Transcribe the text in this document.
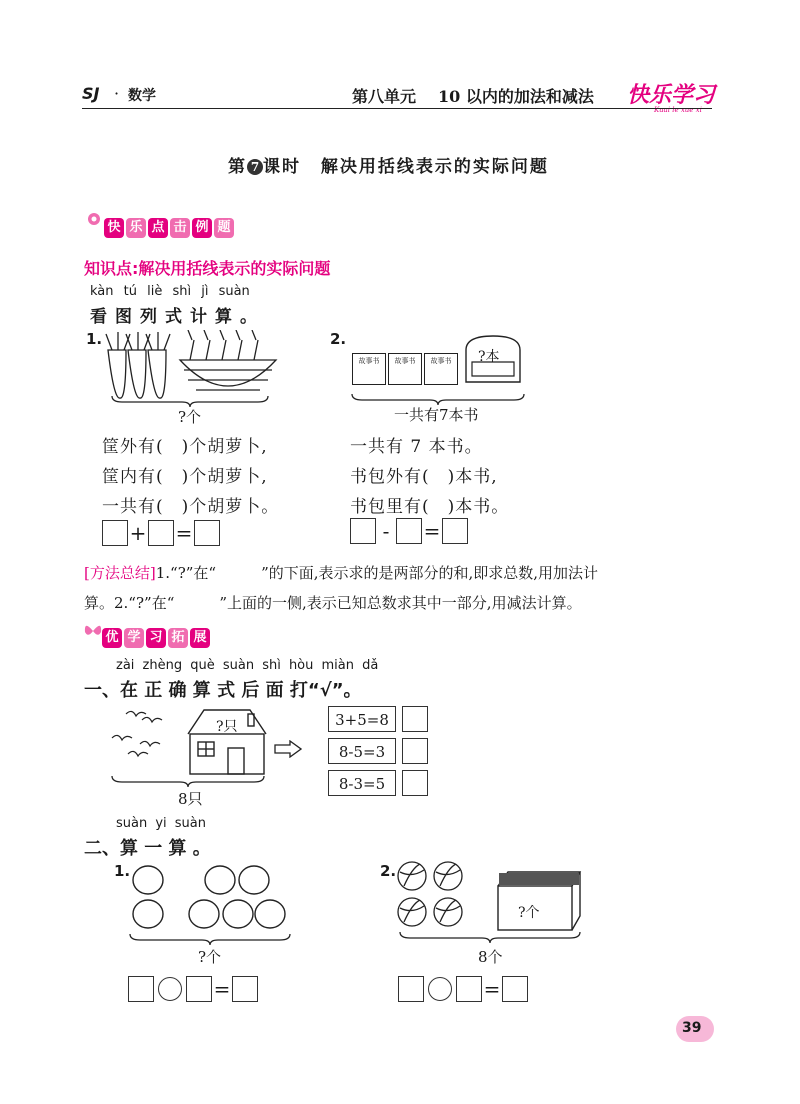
SJ · 数学	第八单元 10 以内的加法和减法 快乐学习
Kuai le xue xi
第 7 课时 解决用括线表示的实际问题
快 乐 点 击 例 题
知识点:解决用括线表示的实际问题
kàn tú liè shì jì suàn
看图列式计算。
1.
?个
筐外有(　)个胡萝卜,
筐内有(　)个胡萝卜,
一共有(　)个胡萝卜。
+ =
2.
故事书 故事书 故事书	?本
一共有7本书
一共有 7 本书。
书包外有(　)本书,
书包里有(　)本书。
- =
[方法总结]1.“?”在“　　　”的下面,表示求的是两部分的和,即求总数,用加法计
算。2.“?”在“　　　”上面的一侧,表示已知总数求其中一部分,用减法计算。
优 学 习 拓 展
zài zhèng què suàn shì hòu miàn dǎ
一、在 正 确 算 式 后 面 打“√”。
?只
8只
3+5=8
8-5=3
8-3=5
suàn yi suàn
二、算 一 算 。
1.
?个
=
2.
?个
8个
=
39
